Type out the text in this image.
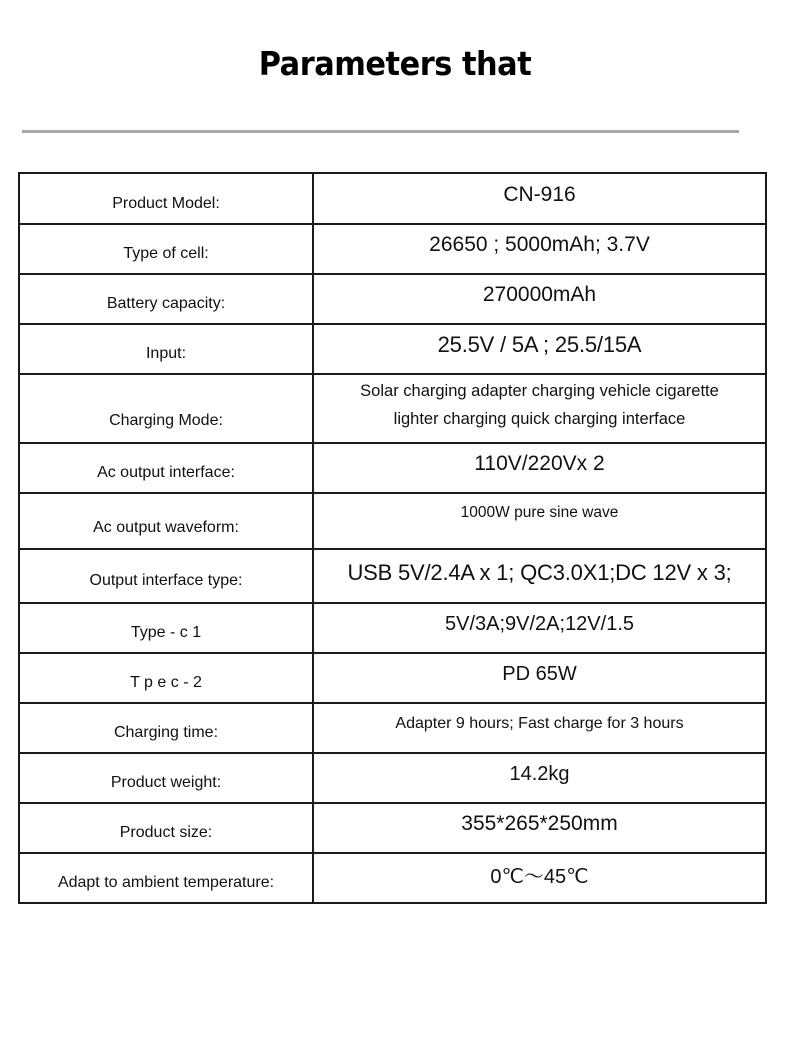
Parameters that
Product Model:	CN-916

Type of cell:	26650 ; 5000mAh; 3.7V

Battery capacity:	270000mAh

Input:	25.5V / 5A ; 25.5/15A

Charging Mode:	Solar charging adapter charging vehicle cigarette lighter charging quick charging interface

Ac output interface:	110V/220Vx 2

Ac output waveform:	1000W pure sine wave

Output interface type:	USB 5V/2.4A x 1; QC3.0X1;DC 12V x 3;

Type - c 1	5V/3A;9V/2A;12V/1.5

T p e c - 2	PD 65W

Charging time:	Adapter 9 hours; Fast charge for 3 hours

Product weight:	14.2kg

Product size:	355*265*250mm

Adapt to ambient temperature:	0℃～45℃
